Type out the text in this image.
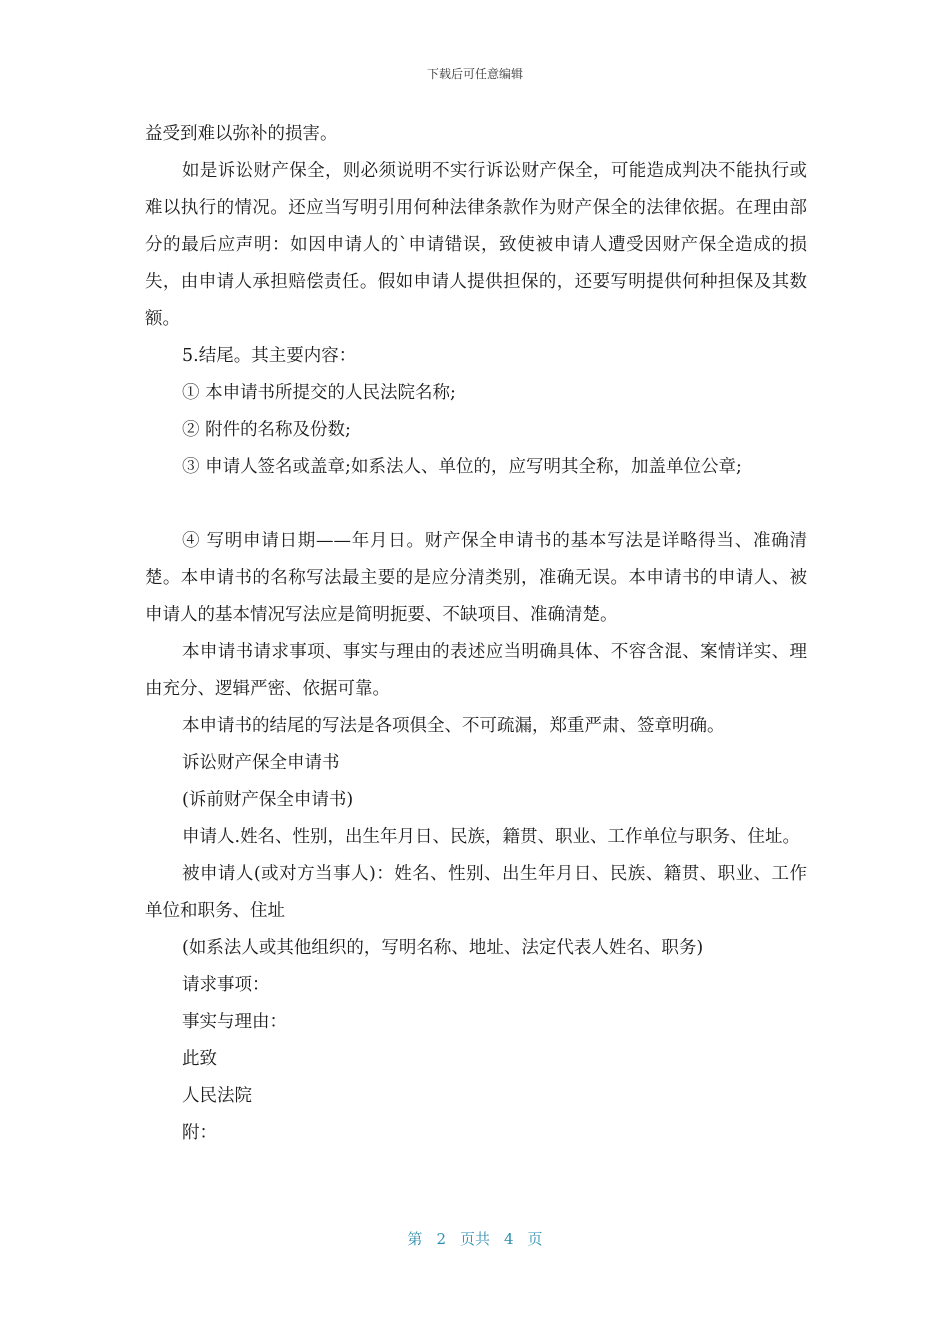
下载后可任意编辑

益受到难以弥补的损害。

如是诉讼财产保全，则必须说明不实行诉讼财产保全，可能造成判决不能执行或难以执行的情况。还应当写明引用何种法律条款作为财产保全的法律依据。在理由部分的最后应声明：如因申请人的`申请错误，致使被申请人遭受因财产保全造成的损失，由申请人承担赔偿责任。假如申请人提供担保的，还要写明提供何种担保及其数额。

5.结尾。其主要内容：

① 本申请书所提交的人民法院名称;

② 附件的名称及份数;

③ 申请人签名或盖章;如系法人、单位的，应写明其全称，加盖单位公章;

④ 写明申请日期——年月日。财产保全申请书的基本写法是详略得当、准确清楚。本申请书的名称写法最主要的是应分清类别，准确无误。本申请书的申请人、被申请人的基本情况写法应是简明扼要、不缺项目、准确清楚。

本申请书请求事项、事实与理由的表述应当明确具体、不容含混、案情详实、理由充分、逻辑严密、依据可靠。

本申请书的结尾的写法是各项俱全、不可疏漏，郑重严肃、签章明确。

诉讼财产保全申请书

(诉前财产保全申请书)

申请人.姓名、性别，出生年月日、民族，籍贯、职业、工作单位与职务、住址。

被申请人(或对方当事人)：姓名、性别、出生年月日、民族、籍贯、职业、工作单位和职务、住址

(如系法人或其他组织的，写明名称、地址、法定代表人姓名、职务)

请求事项：

事实与理由：

此致

人民法院

附：

第 2 页共 4 页
